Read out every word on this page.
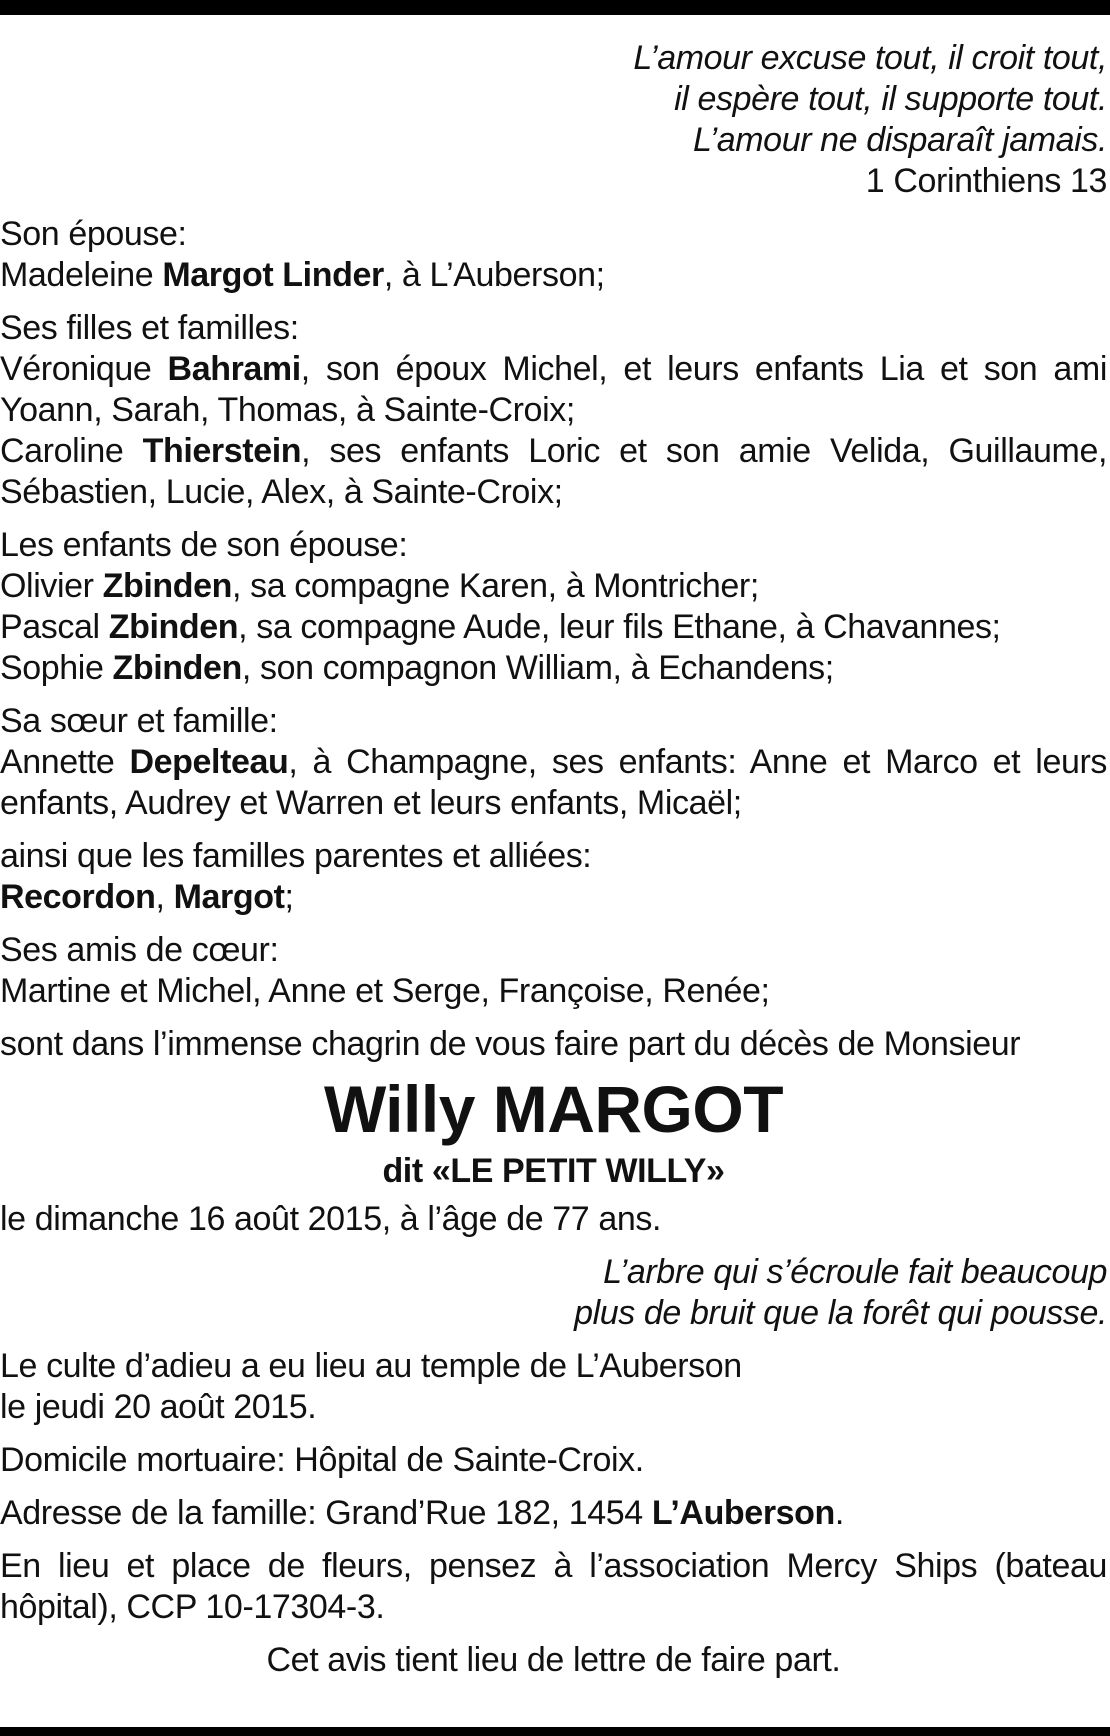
L’amour excuse tout, il croit tout,
il espère tout, il supporte tout.
L’amour ne disparaît jamais.
1 Corinthiens 13
Son épouse:
Madeleine Margot Linder, à L’Auberson;
Ses filles et familles:
Véronique Bahrami, son époux Michel, et leurs enfants Lia et son ami Yoann, Sarah, Thomas, à Sainte-Croix;
Caroline Thierstein, ses enfants Loric et son amie Velida, Guillaume, Sébastien, Lucie, Alex, à Sainte-Croix;
Les enfants de son épouse:
Olivier Zbinden, sa compagne Karen, à Montricher;
Pascal Zbinden, sa compagne Aude, leur fils Ethane, à Chavannes;
Sophie Zbinden, son compagnon William, à Echandens;
Sa sœur et famille:
Annette Depelteau, à Champagne, ses enfants: Anne et Marco et leurs enfants, Audrey et Warren et leurs enfants, Micaël;
ainsi que les familles parentes et alliées:
Recordon, Margot;
Ses amis de cœur:
Martine et Michel, Anne et Serge, Françoise, Renée;
sont dans l’immense chagrin de vous faire part du décès de Monsieur
Willy MARGOT
dit «LE PETIT WILLY»
le dimanche 16 août 2015, à l’âge de 77 ans.
L’arbre qui s’écroule fait beaucoup
plus de bruit que la forêt qui pousse.
Le culte d’adieu a eu lieu au temple de L’Auberson
le jeudi 20 août 2015.
Domicile mortuaire: Hôpital de Sainte-Croix.
Adresse de la famille: Grand’Rue 182, 1454 L’Auberson.
En lieu et place de fleurs, pensez à l’association Mercy Ships (bateau hôpital), CCP 10-17304-3.
Cet avis tient lieu de lettre de faire part.
